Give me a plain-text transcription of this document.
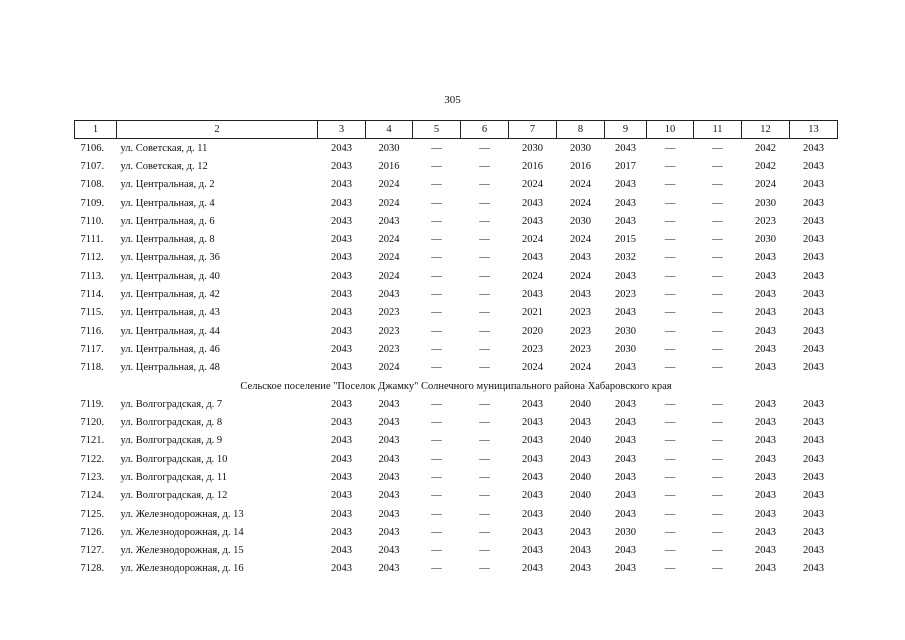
305
1	2	3	4	5	6	7	8	9	10	11	12	13
7106.	ул. Советская, д. 11	2043	2030	—	—	2030	2030	2043	—	—	2042	2043
7107.	ул. Советская, д. 12	2043	2016	—	—	2016	2016	2017	—	—	2042	2043
7108.	ул. Центральная, д. 2	2043	2024	—	—	2024	2024	2043	—	—	2024	2043
7109.	ул. Центральная, д. 4	2043	2024	—	—	2043	2024	2043	—	—	2030	2043
7110.	ул. Центральная, д. 6	2043	2043	—	—	2043	2030	2043	—	—	2023	2043
7111.	ул. Центральная, д. 8	2043	2024	—	—	2024	2024	2015	—	—	2030	2043
7112.	ул. Центральная, д. 36	2043	2024	—	—	2043	2043	2032	—	—	2043	2043
7113.	ул. Центральная, д. 40	2043	2024	—	—	2024	2024	2043	—	—	2043	2043
7114.	ул. Центральная, д. 42	2043	2043	—	—	2043	2043	2023	—	—	2043	2043
7115.	ул. Центральная, д. 43	2043	2023	—	—	2021	2023	2043	—	—	2043	2043
7116.	ул. Центральная, д. 44	2043	2023	—	—	2020	2023	2030	—	—	2043	2043
7117.	ул. Центральная, д. 46	2043	2023	—	—	2023	2023	2030	—	—	2043	2043
7118.	ул. Центральная, д. 48	2043	2024	—	—	2024	2024	2043	—	—	2043	2043
Сельское поселение "Поселок Джамку" Солнечного муниципального района Хабаровского края												
7119.	ул. Волгоградская, д. 7	2043	2043	—	—	2043	2040	2043	—	—	2043	2043
7120.	ул. Волгоградская, д. 8	2043	2043	—	—	2043	2043	2043	—	—	2043	2043
7121.	ул. Волгоградская, д. 9	2043	2043	—	—	2043	2040	2043	—	—	2043	2043
7122.	ул. Волгоградская, д. 10	2043	2043	—	—	2043	2043	2043	—	—	2043	2043
7123.	ул. Волгоградская, д. 11	2043	2043	—	—	2043	2040	2043	—	—	2043	2043
7124.	ул. Волгоградская, д. 12	2043	2043	—	—	2043	2040	2043	—	—	2043	2043
7125.	ул. Железнодорожная, д. 13	2043	2043	—	—	2043	2040	2043	—	—	2043	2043
7126.	ул. Железнодорожная, д. 14	2043	2043	—	—	2043	2043	2030	—	—	2043	2043
7127.	ул. Железнодорожная, д. 15	2043	2043	—	—	2043	2043	2043	—	—	2043	2043
7128.	ул. Железнодорожная, д. 16	2043	2043	—	—	2043	2043	2043	—	—	2043	2043
